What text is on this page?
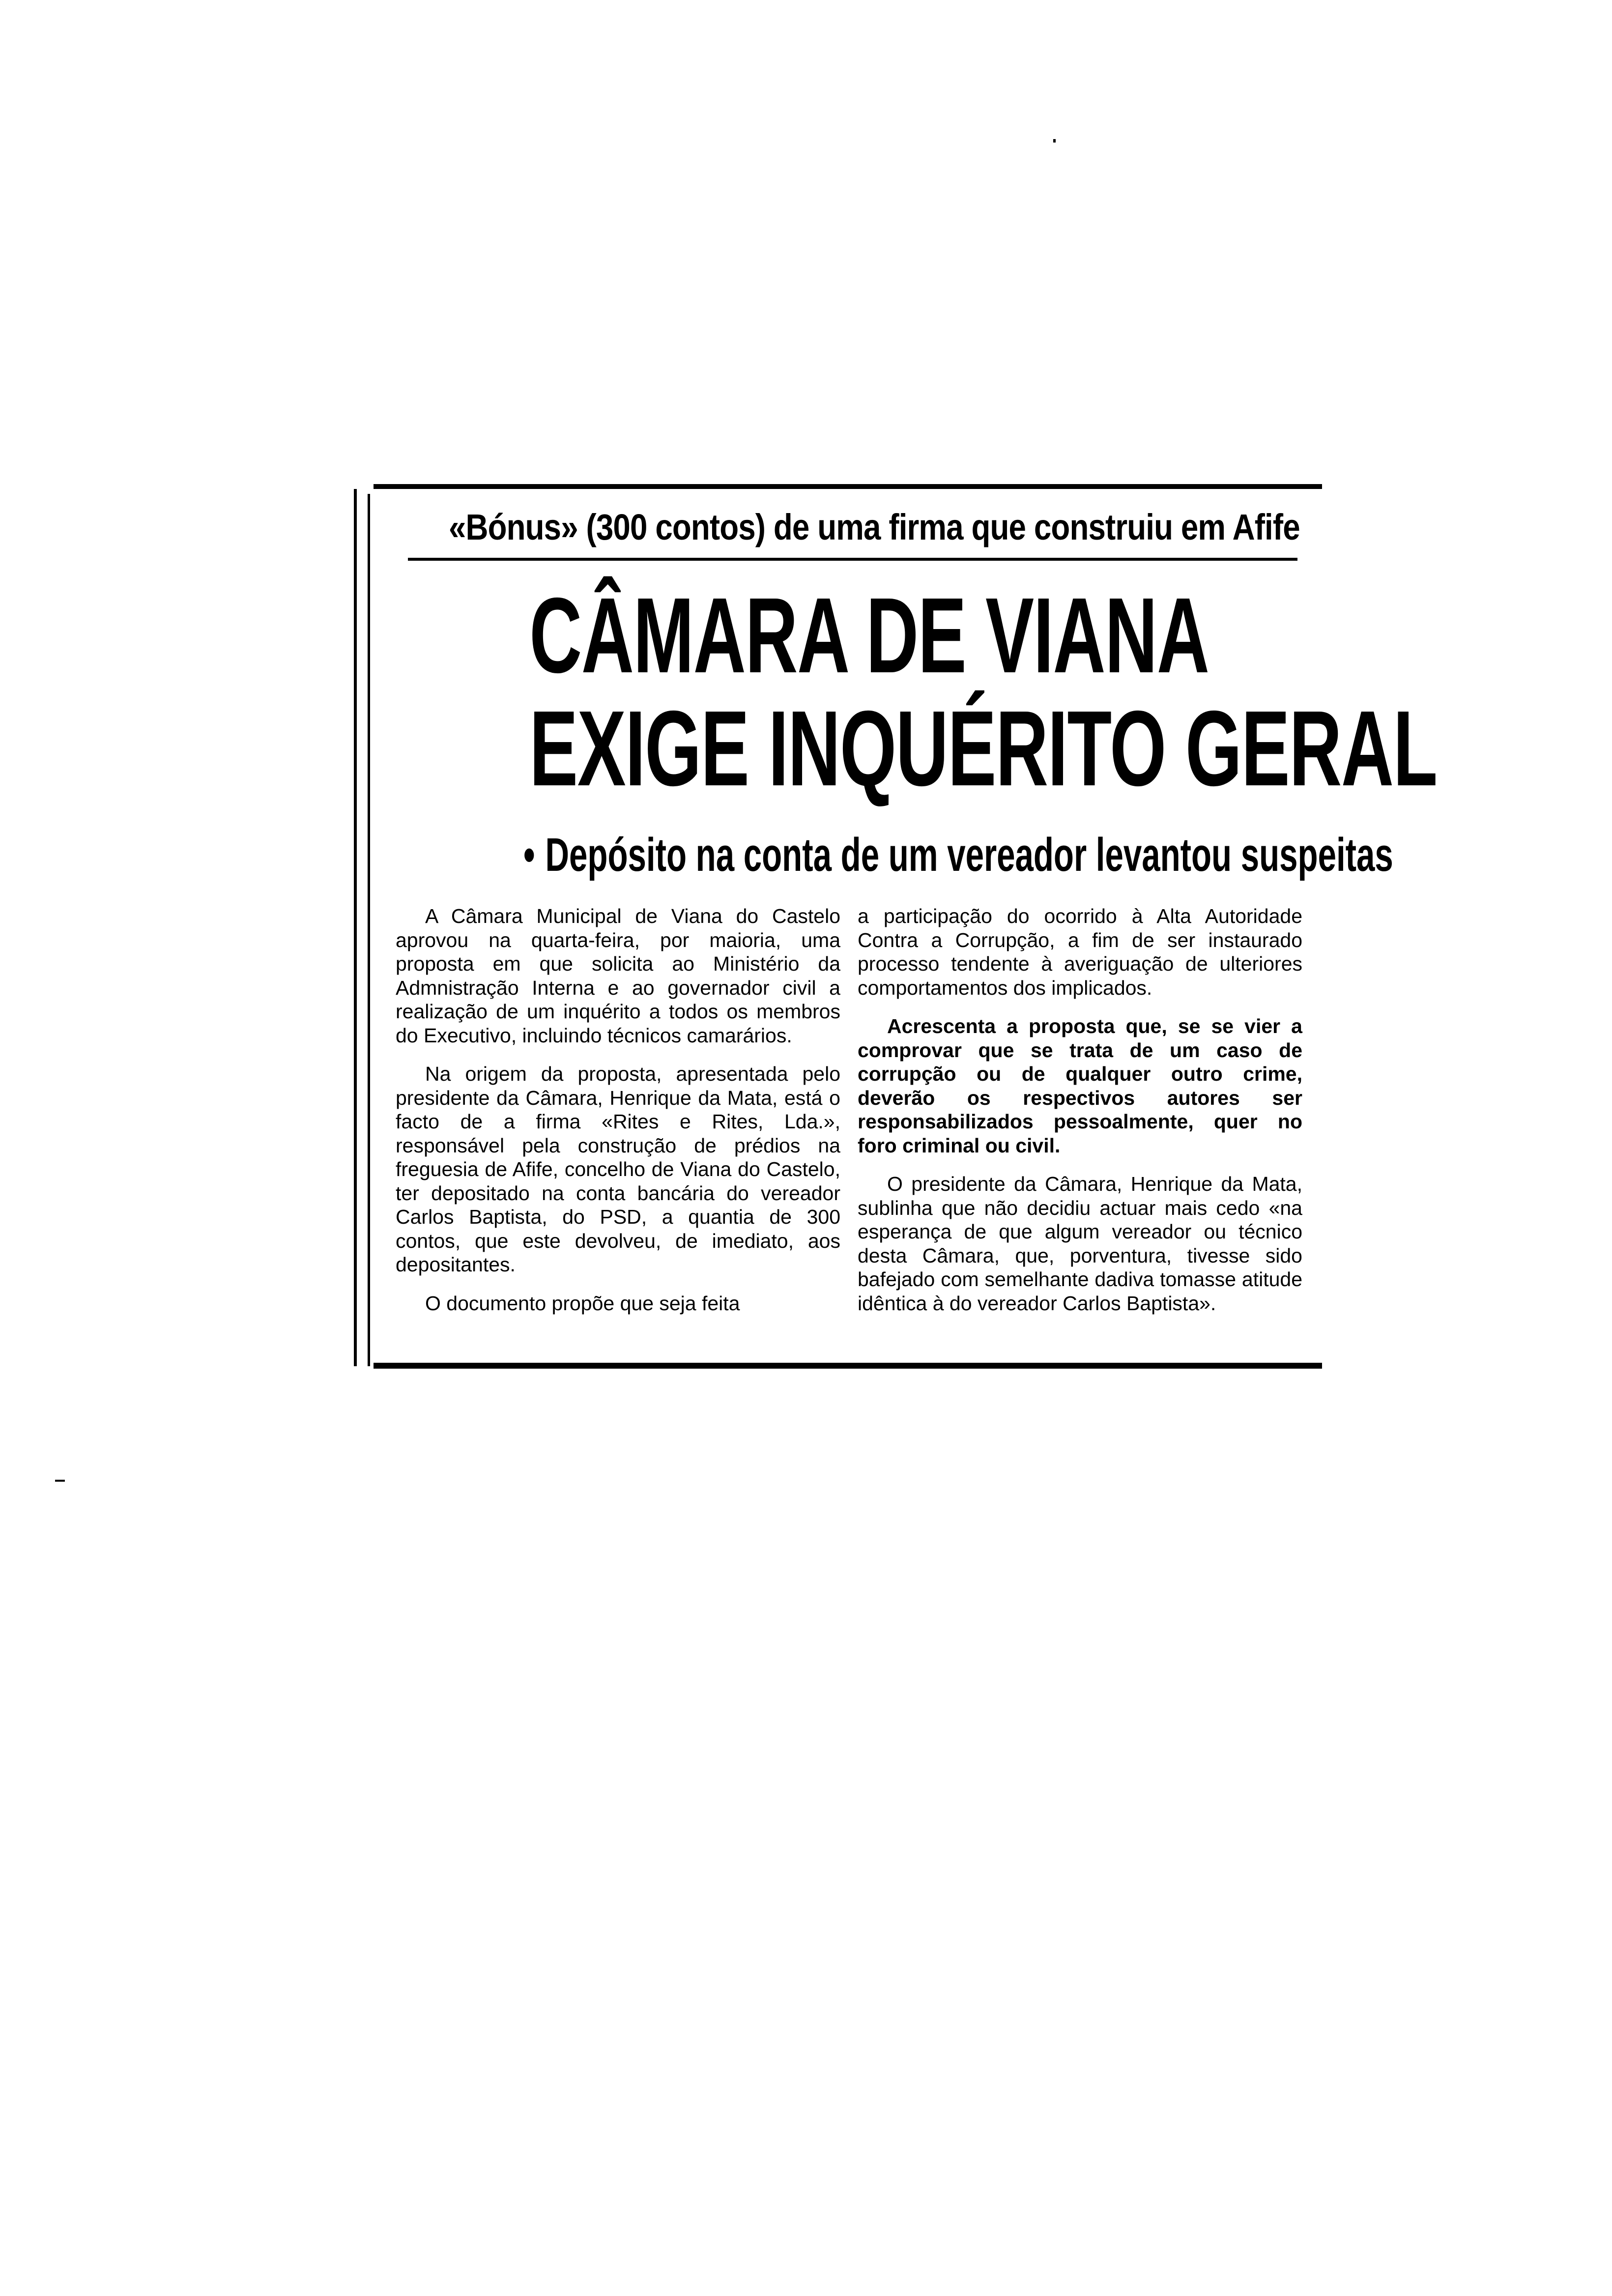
«Bónus» (300 contos) de uma firma que construiu em Afife
CÂMARA DE VIANA
EXIGE INQUÉRITO GERAL
• Depósito na conta de um vereador levantou suspeitas

A Câmara Municipal de Viana do Castelo aprovou na quarta-feira, por maioria, uma proposta em que solicita ao Ministério da Admnistração Interna e ao governador civil a realização de um inquérito a todos os membros do Executivo, incluindo técnicos camarários.

Na origem da proposta, apresentada pelo presidente da Câmara, Henrique da Mata, está o facto de a firma «Rites e Rites, Lda.», responsável pela construção de prédios na freguesia de Afife, concelho de Viana do Castelo, ter depositado na conta bancária do vereador Carlos Baptista, do PSD, a quantia de 300 contos, que este devolveu, de imediato, aos depositantes.

O documento propõe que seja feita

a participação do ocorrido à Alta Autoridade Contra a Corrupção, a fim de ser instaurado processo tendente à averiguação de ulteriores comportamentos dos implicados.

Acrescenta a proposta que, se se vier a comprovar que se trata de um caso de corrupção ou de qualquer outro crime, deverão os respectivos autores ser responsabilizados pessoalmente, quer no foro criminal ou civil.

O presidente da Câmara, Henrique da Mata, sublinha que não decidiu actuar mais cedo «na esperança de que algum vereador ou técnico desta Câmara, que, porventura, tivesse sido bafejado com semelhante dadiva tomasse atitude idêntica à do vereador Carlos Baptista».
